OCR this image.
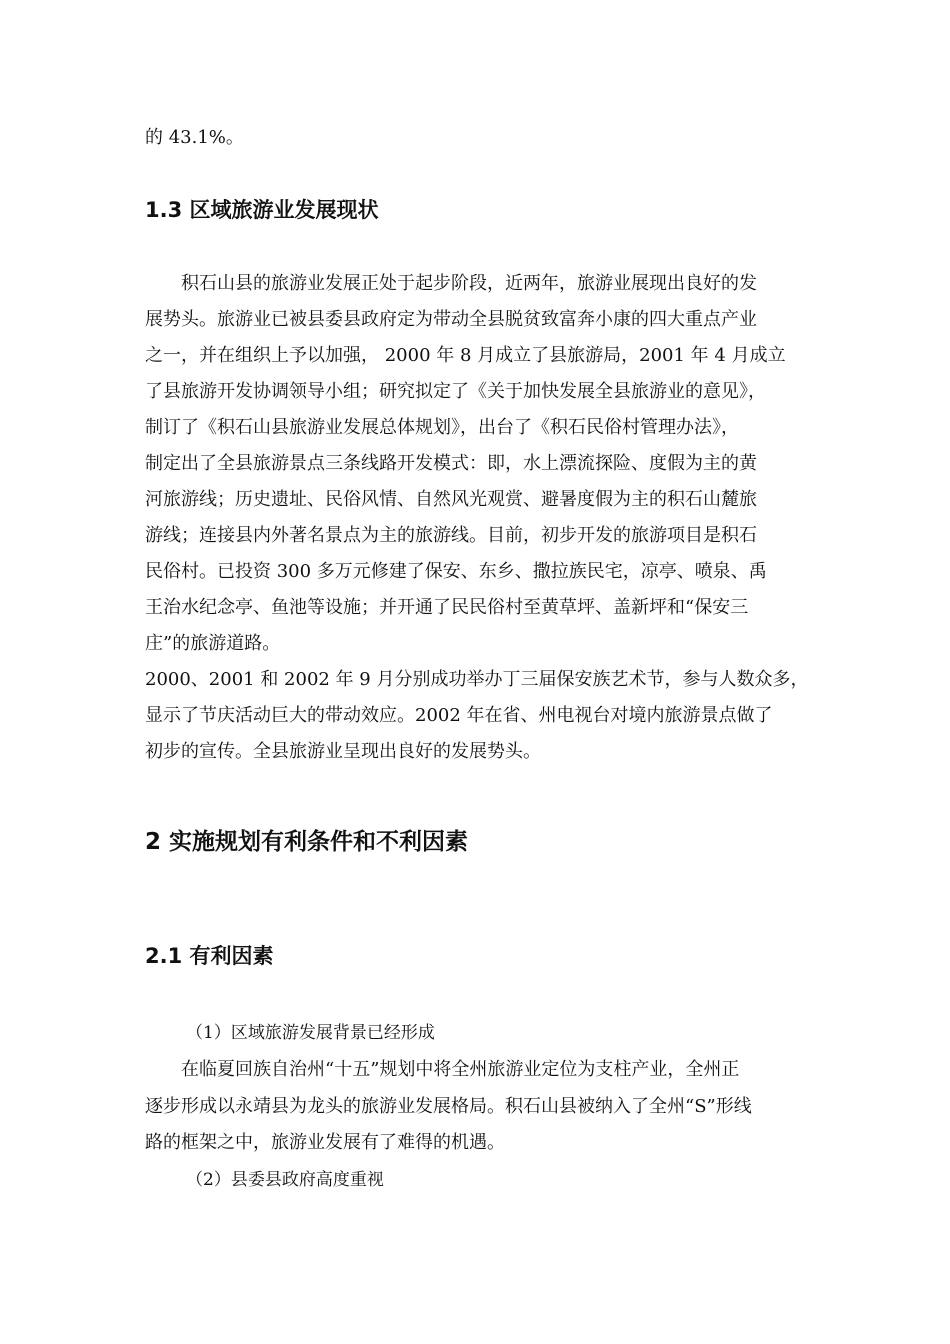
的 43.1%。
1.3 区域旅游业发展现状
积石山县的旅游业发展正处于起步阶段，近两年，旅游业展现出良好的发
展势头。旅游业已被县委县政府定为带动全县脱贫致富奔小康的四大重点产业
之一，并在组织上予以加强， 2000 年 8 月成立了县旅游局，2001 年 4 月成立
了县旅游开发协调领导小组；研究拟定了《关于加快发展全县旅游业的意见》，
制订了《积石山县旅游业发展总体规划》，出台了《积石民俗村管理办法》，
制定出了全县旅游景点三条线路开发模式：即，水上漂流探险、度假为主的黄
河旅游线；历史遗址、民俗风情、自然风光观赏、避暑度假为主的积石山麓旅
游线；连接县内外著名景点为主的旅游线。目前，初步开发的旅游项目是积石
民俗村。已投资 300 多万元修建了保安、东乡、撒拉族民宅，凉亭、喷泉、禹
王治水纪念亭、鱼池等设施；并开通了民民俗村至黄草坪、盖新坪和“保安三
庄”的旅游道路。
2000、2001 和 2002 年 9 月分别成功举办丁三届保安族艺术节，参与人数众多，
显示了节庆活动巨大的带动效应。2002 年在省、州电视台对境内旅游景点做了
初步的宣传。全县旅游业呈现出良好的发展势头。
2 实施规划有利条件和不利因素
2.1 有利因素
（1）区域旅游发展背景已经形成
在临夏回族自治州“十五”规划中将全州旅游业定位为支柱产业，全州正
逐步形成以永靖县为龙头的旅游业发展格局。积石山县被纳入了全州“S”形线
路的框架之中，旅游业发展有了难得的机遇。
（2）县委县政府高度重视
